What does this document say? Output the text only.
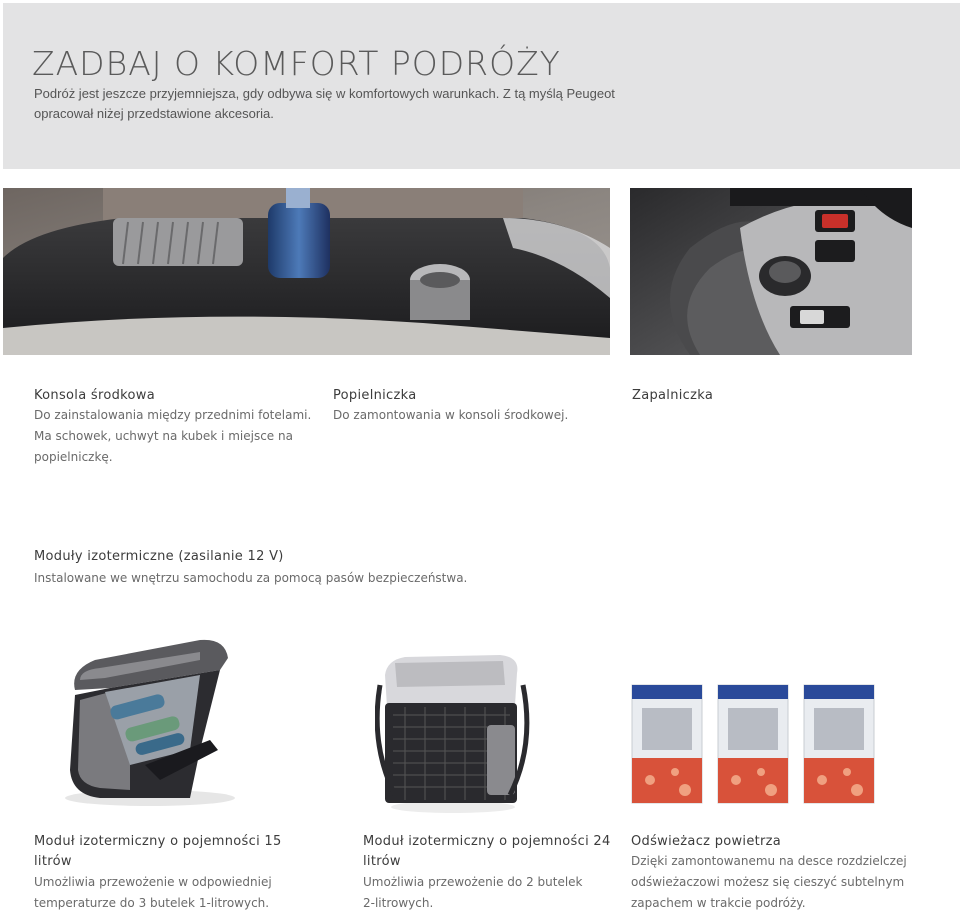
ZADBAJ O KOMFORT PODRÓŻY

Podróż jest jeszcze przyjemniejsza, gdy odbywa się w komfortowych warunkach. Z tą myślą Peugeot opracował niżej przedstawione akcesoria.

Konsola środkowa
Do zainstalowania między przednimi fotelami. Ma schowek, uchwyt na kubek i miejsce na popielniczkę.
Popielniczka
Do zamontowania w konsoli środkowej.
Zapalniczka
Moduły izotermiczne (zasilanie 12 V)
Instalowane we wnętrzu samochodu za pomocą pasów bezpieczeństwa.
Moduł izotermiczny o pojemności 15 litrów
Umożliwia przewożenie w odpowiedniej temperaturze do 3 butelek 1-litrowych.
Moduł izotermiczny o pojemności 24 litrów
Umożliwia przewożenie do 2 butelek 2-litrowych.
Odświeżacz powietrza
Dzięki zamontowanemu na desce rozdzielczej odświeżaczowi możesz się cieszyć subtelnym zapachem w trakcie podróży.
